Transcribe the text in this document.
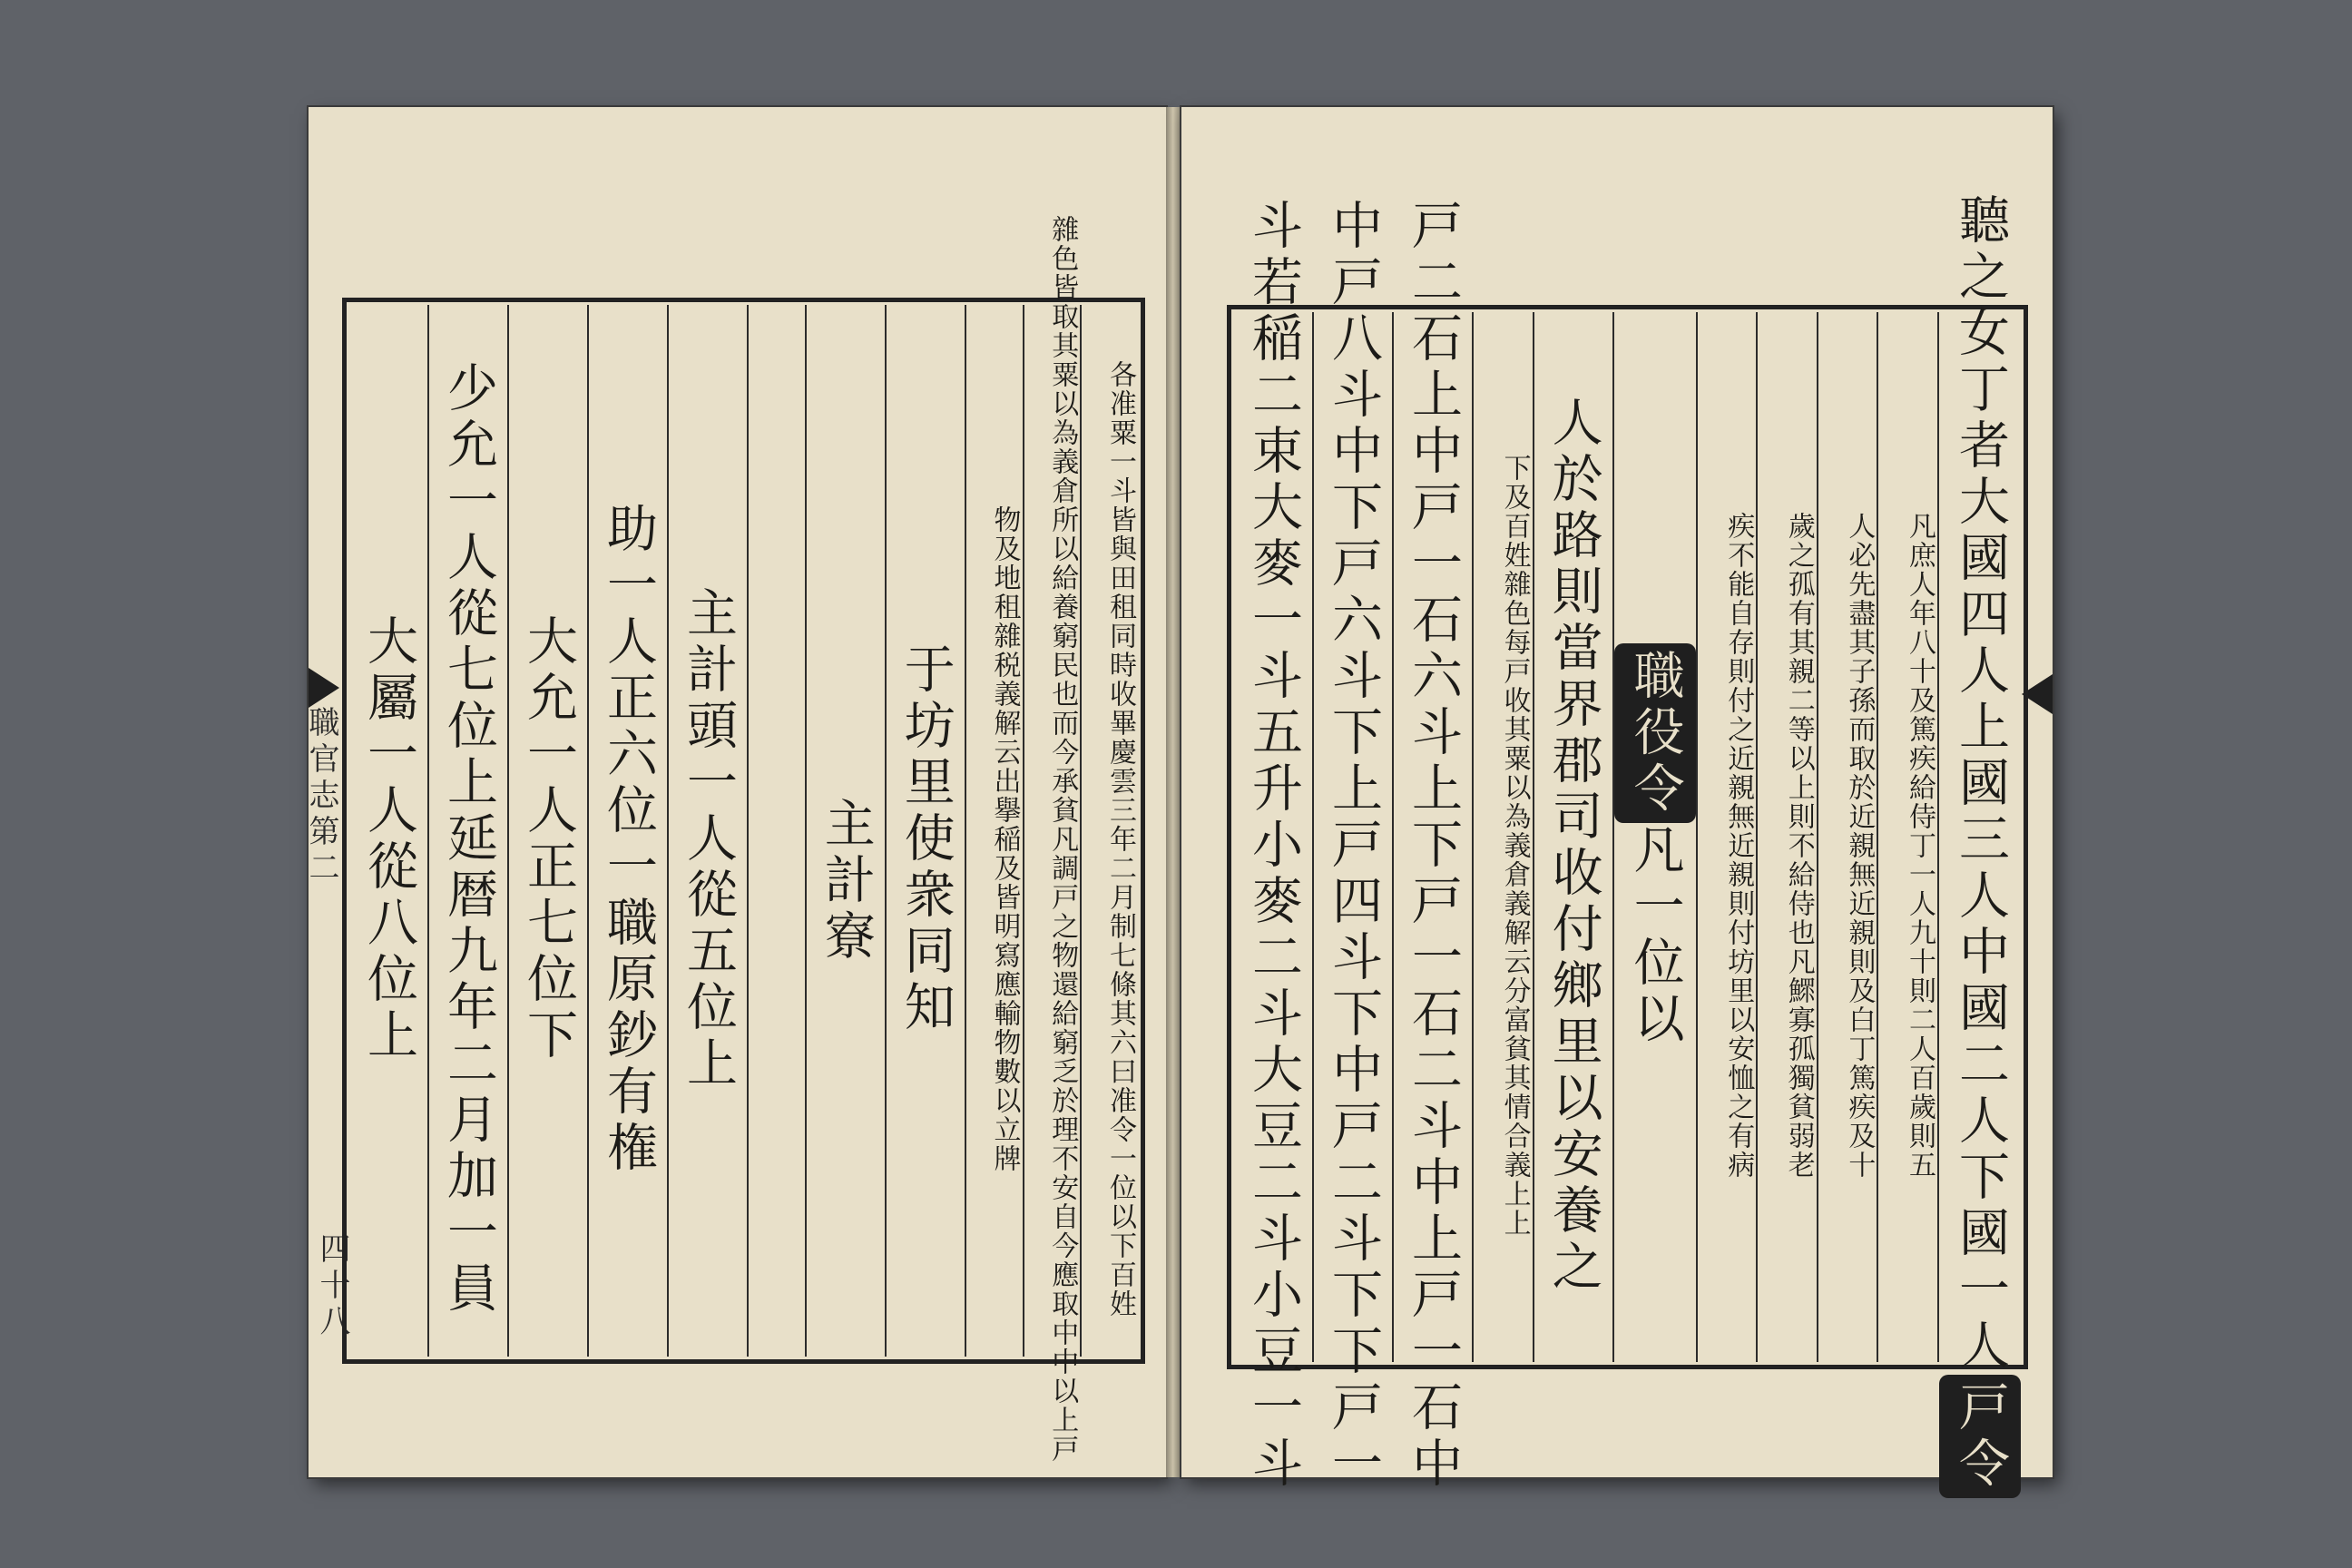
職官志第二
四十八
大屬一人從八位上 少允一人從七位上延暦九年二月加一員 大允一人正七位下 助一人正六位一職原鈔有権 主計頭一人從五位上 主計寮 于坊里使衆同知	物及地租雜税義解云出擧稲及皆明寫應輸物數以立牌 雜色皆取其粟以為義倉所以給養窮民也而今承貧凡調戸之物還給窮乏於理不安自今應取中中以上戸 各准粟一斗皆與田租同時收畢慶雲三年二月制七條其六曰准令一位以下百姓 斗若稲二束大麥一斗五升小麥二斗大豆二斗小豆一斗 中戸八斗中下戸六斗下上戸四斗下中戸二斗下下戸一 戸二石上中戸一石六斗上下戸一石二斗中上戸一石中	下及百姓雜色每戸收其粟以為義倉義解云分富貧其情合義上上 人於路則當界郡司收付鄉里以安養之 職役令凡一位以	疾不能自存則付之近親無近親則付坊里以安恤之有病	歲之孤有其親二等以上則不給侍也凡鰥寡孤獨貧弱老	人必先盡其子孫而取於近親無近親則及白丁篤疾及十	凡庶人年八十及篤疾給侍丁一人九十則二人百歲則五 聽之女丁者大國四人上國三人中國二人下國一人戸令
